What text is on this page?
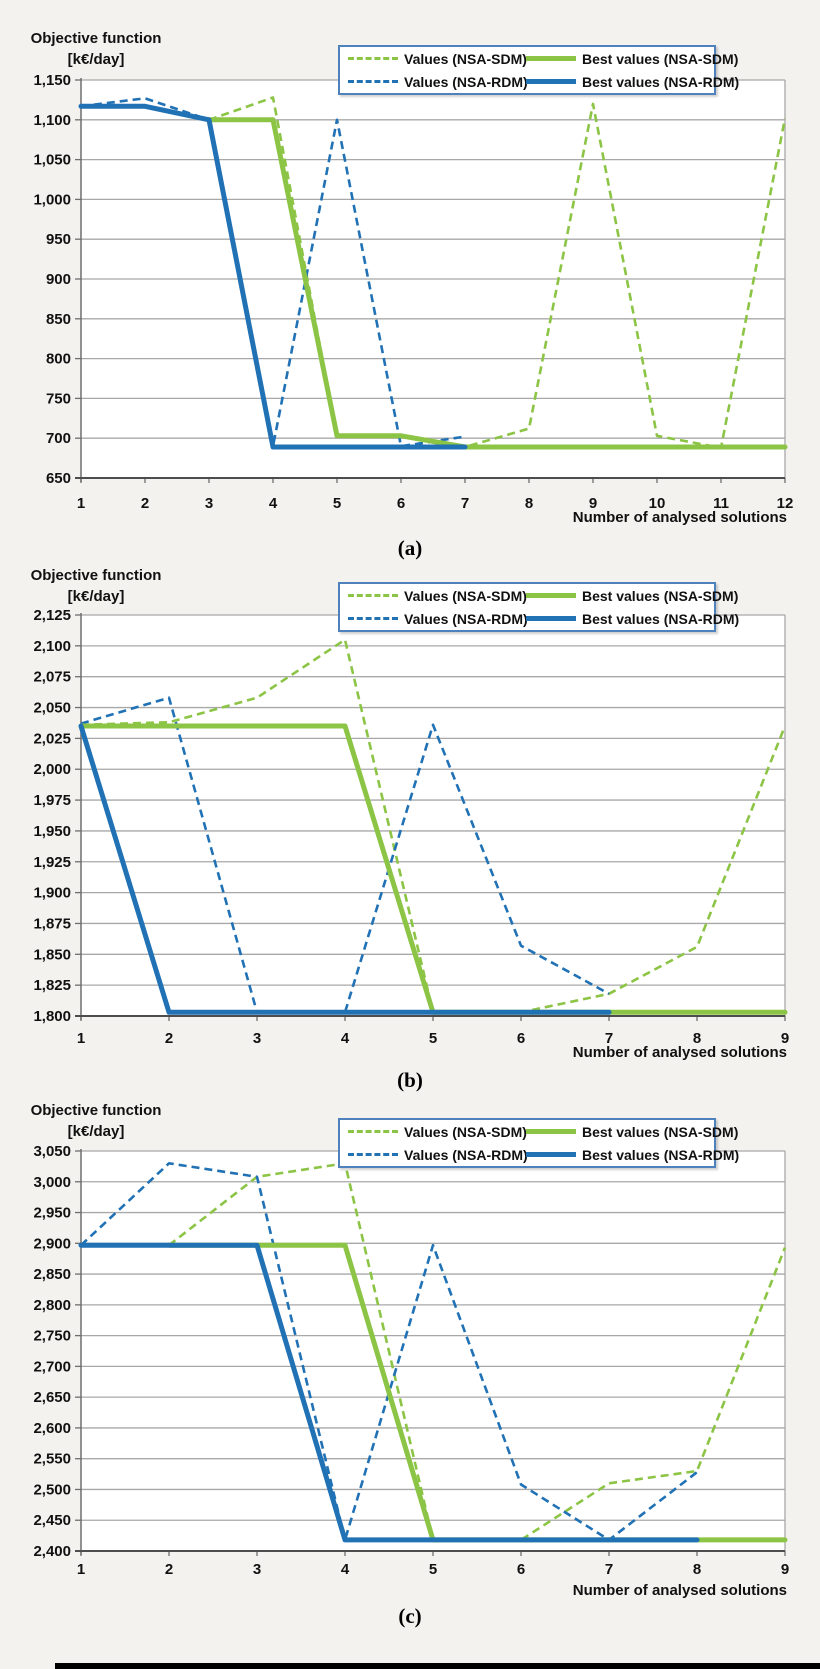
1,150
1,100
1,050
1,000
950
900
850
800
750
700
650
1	2	3	4	5	6	7	8	9	10	11	12
2,125
2,100
2,075
2,050
2,025
2,000
1,975
1,950
1,925
1,900
1,875
1,850
1,825
1,800
1	2	3	4	5	6	7	8	9
3,050
3,000
2,950
2,900
2,850
2,800
2,750
2,700
2,650
2,600
2,550
2,500
2,450
2,400
1	2	3	4	5	6	7	8	9
Objective function
[k€/day]	Values (NSA-SDM)	Best values (NSA-SDM)
Values (NSA-RDM)	Best values (NSA-RDM)
Number of analysed solutions
(a)
Objective function
[k€/day]	Values (NSA-SDM)	Best values (NSA-SDM)
Values (NSA-RDM)	Best values (NSA-RDM)
Number of analysed solutions
(b)
Objective function
[k€/day]	Values (NSA-SDM)	Best values (NSA-SDM)
Values (NSA-RDM)	Best values (NSA-RDM)
Number of analysed solutions
(c)
